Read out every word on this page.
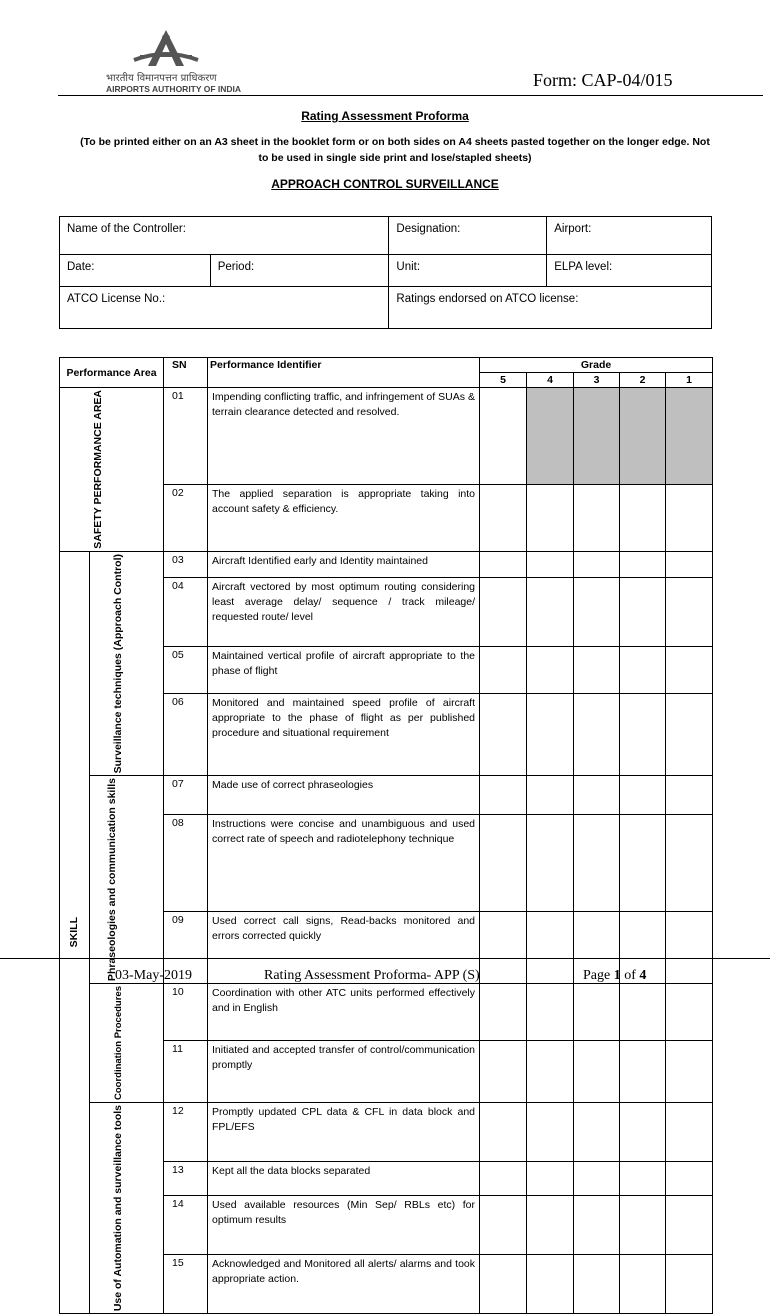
भारतीय विमानपत्तन प्राधिकरण
AIRPORTS AUTHORITY OF INDIA	Form: CAP-04/015
Rating Assessment Proforma
(To be printed either on an A3 sheet in the booklet form or on both sides on A4 sheets pasted together on the longer edge. Not to be used in single side print and lose/stapled sheets)
APPROACH CONTROL SURVEILLANCE
Name of the Controller:		Designation:	Airport:
Date:	Period:	Unit:	ELPA level:
ATCO License No.:		Ratings endorsed on ATCO license:	
Performance Area		SN	Performance Identifier	Grade				
				5	4	3	2	1

SAFETY PERFORMANCE AREA		01	Impending conflicting traffic, and infringement of SUAs & terrain clearance detected and resolved.					
		02	The applied separation is appropriate taking into account safety & efficiency.					

SKILL	Surveillance techniques (Approach Control)	03	Aircraft Identified early and Identity maintained					
		04	Aircraft vectored by most optimum routing considering least average delay/ sequence / track mileage/ requested route/ level					
		05	Maintained vertical profile of aircraft appropriate to the phase of flight					
		06	Monitored and maintained speed profile of aircraft appropriate to the phase of flight as per published procedure and situational requirement					

	Phraseologies and communication skills	07	Made use of correct phraseologies					
		08	Instructions were concise and unambiguous and used correct rate of speech and radiotelephony technique					
		09	Used correct call signs, Read-backs monitored and errors corrected quickly					

	Coordination Procedures	10	Coordination with other ATC units performed effectively and in English					
		11	Initiated and accepted transfer of control/communication promptly					

	Use of Automation and surveillance tools	12	Promptly updated CPL data & CFL in data block and FPL/EFS					
		13	Kept all the data blocks separated					
		14	Used available resources (Min Sep/ RBLs etc) for optimum results					
		15	Acknowledged and Monitored all alerts/ alarms and took appropriate action.					
03-May-2019	Rating Assessment Proforma- APP (S)	Page 1 of 4
